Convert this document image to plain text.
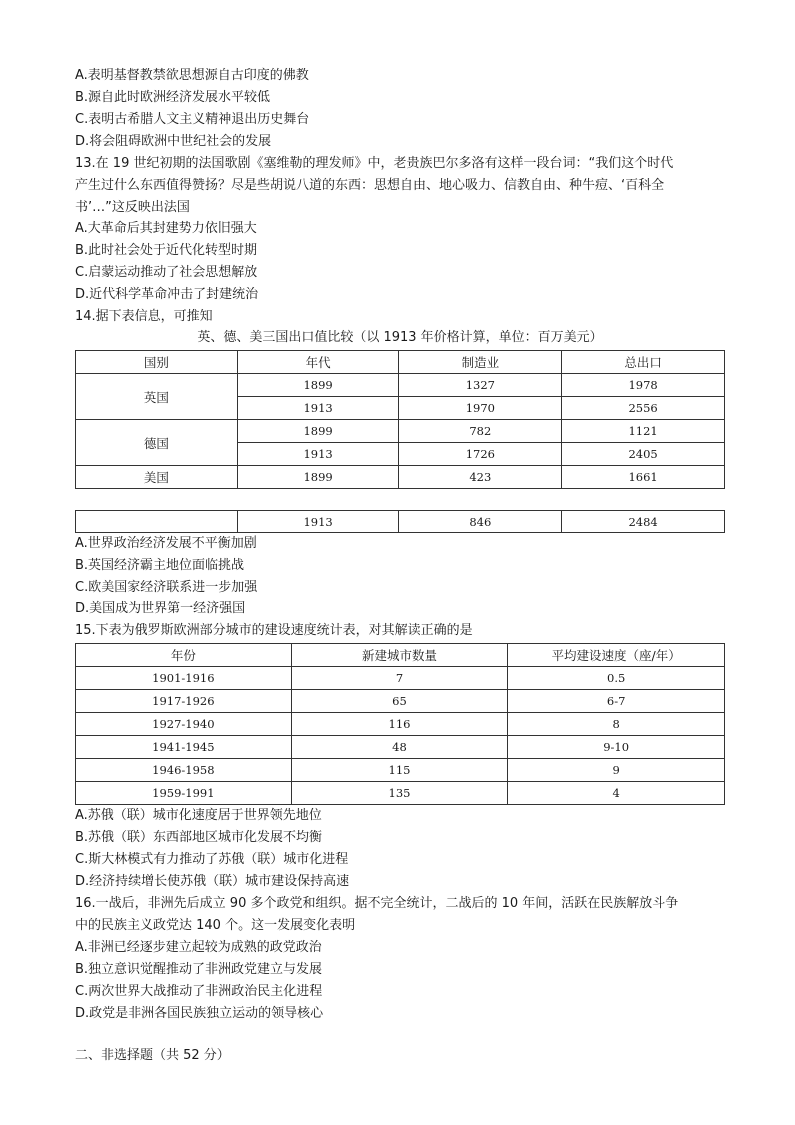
A.表明基督教禁欲思想源自古印度的佛教
B.源自此时欧洲经济发展水平较低
C.表明古希腊人文主义精神退出历史舞台
D.将会阻碍欧洲中世纪社会的发展
13.在 19 世纪初期的法国歌剧《塞维勒的理发师》中，老贵族巴尔多洛有这样一段台词：“我们这个时代
产生过什么东西值得赞扬？尽是些胡说八道的东西：思想自由、地心吸力、信教自由、种牛痘、‘百科全
书’…”这反映出法国
A.大革命后其封建势力依旧强大
B.此时社会处于近代化转型时期
C.启蒙运动推动了社会思想解放
D.近代科学革命冲击了封建统治
14.据下表信息，可推知
英、德、美三国出口值比较（以 1913 年价格计算，单位：百万美元）
国别	年代	制造业	总出口
英国	1899	1327	1978
	1913	1970	2556
德国	1899	782	1121
	1913	1726	2405
美国	1899	423	1661
	1913	846	2484
A.世界政治经济发展不平衡加剧
B.英国经济霸主地位面临挑战
C.欧美国家经济联系进一步加强
D.美国成为世界第一经济强国
15.下表为俄罗斯欧洲部分城市的建设速度统计表，对其解读正确的是
年份	新建城市数量	平均建设速度（座/年）
1901-1916	7	0.5
1917-1926	65	6-7
1927-1940	116	8
1941-1945	48	9-10
1946-1958	115	9
1959-1991	135	4
A.苏俄（联）城市化速度居于世界领先地位
B.苏俄（联）东西部地区城市化发展不均衡
C.斯大林模式有力推动了苏俄（联）城市化进程
D.经济持续增长使苏俄（联）城市建设保持高速
16.一战后，非洲先后成立 90 多个政党和组织。据不完全统计，二战后的 10 年间，活跃在民族解放斗争
中的民族主义政党达 140 个。这一发展变化表明
A.非洲已经逐步建立起较为成熟的政党政治
B.独立意识觉醒推动了非洲政党建立与发展
C.两次世界大战推动了非洲政治民主化进程
D.政党是非洲各国民族独立运动的领导核心
二、非选择题（共 52 分）
